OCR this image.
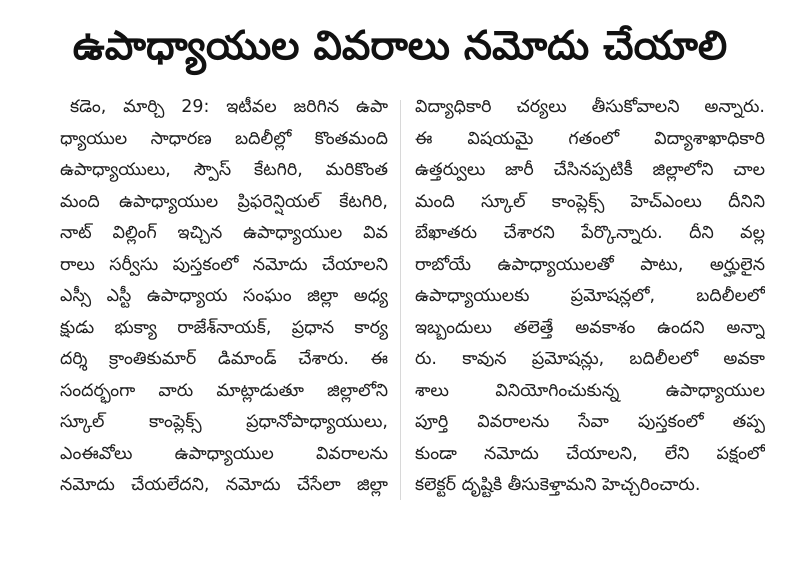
ఉపాధ్యాయుల వివరాలు నమోదు చేయాలి
కడెం, మార్చి 29: ఇటీవల జరిగిన ఉపా
ధ్యాయుల సాధారణ బదిలీల్లో కొంతమంది
ఉపాధ్యాయులు, స్పౌస్ కేటగిరి, మరికొంత
మంది ఉపాధ్యాయుల ప్రిఫరెన్షియల్ కేటగిరి,
నాట్ విల్లింగ్ ఇచ్చిన ఉపాధ్యాయుల వివ
రాలు సర్వీసు పుస్తకంలో నమోదు చేయాలని
ఎస్సీ ఎస్టీ ఉపాధ్యాయ సంఘం జిల్లా అధ్య
క్షుడు భుక్యా రాజేశ్‌నాయక్, ప్రధాన కార్య
దర్శి క్రాంతికుమార్ డిమాండ్ చేశారు. ఈ
సందర్భంగా వారు మాట్లాడుతూ జిల్లాలోని
స్కూల్ కాంప్లెక్స్ ప్రధానోపాధ్యాయులు,
ఎంఈవోలు ఉపాధ్యాయుల వివరాలను
నమోదు చేయలేదని, నమోదు చేసేలా జిల్లా
విద్యాధికారి చర్యలు తీసుకోవాలని అన్నారు.
ఈ విషయమై గతంలో విద్యాశాఖాధికారి
ఉత్తర్వులు జారీ చేసినప్పటికీ జిల్లాలోని చాల
మంది స్కూల్ కాంప్లెక్స్ హెచ్ఎంలు దీనిని
బేఖాతరు చేశారని పేర్కొన్నారు. దీని వల్ల
రాబోయే ఉపాధ్యాయులతో పాటు, అర్హులైన
ఉపాధ్యాయులకు ప్రమోషన్లలో, బదిలీలలో
ఇబ్బందులు తలెత్తే అవకాశం ఉందని అన్నా
రు. కావున ప్రమోషన్లు, బదిలీలలో అవకా
శాలు వినియోగించుకున్న ఉపాధ్యాయుల
పూర్తి వివరాలను సేవా పుస్తకంలో తప్ప
కుండా నమోదు చేయాలని, లేని పక్షంలో
కలెక్టర్ దృష్టికి తీసుకెళ్తామని హెచ్చరించారు.
